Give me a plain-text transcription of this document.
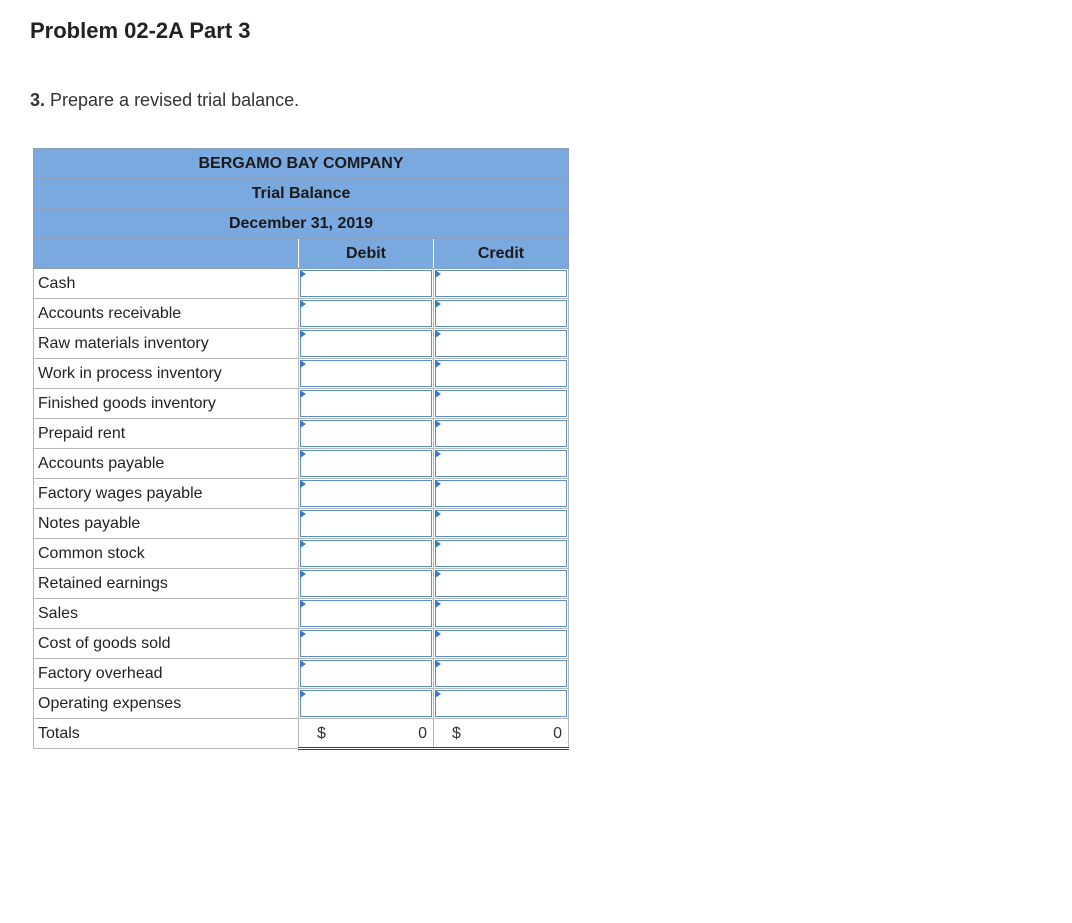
Problem 02-2A Part 3

3. Prepare a revised trial balance.

BERGAMO BAY COMPANY		
Trial Balance		
December 31, 2019		
	Debit	Credit
Cash	

Accounts receivable	

Raw materials inventory	

Work in process inventory	

Finished goods inventory	

Prepaid rent	

Accounts payable	

Factory wages payable	

Notes payable	

Common stock	

Retained earnings	

Sales	

Cost of goods sold	

Factory overhead	

Operating expenses	

Totals	$ 0	$ 0
